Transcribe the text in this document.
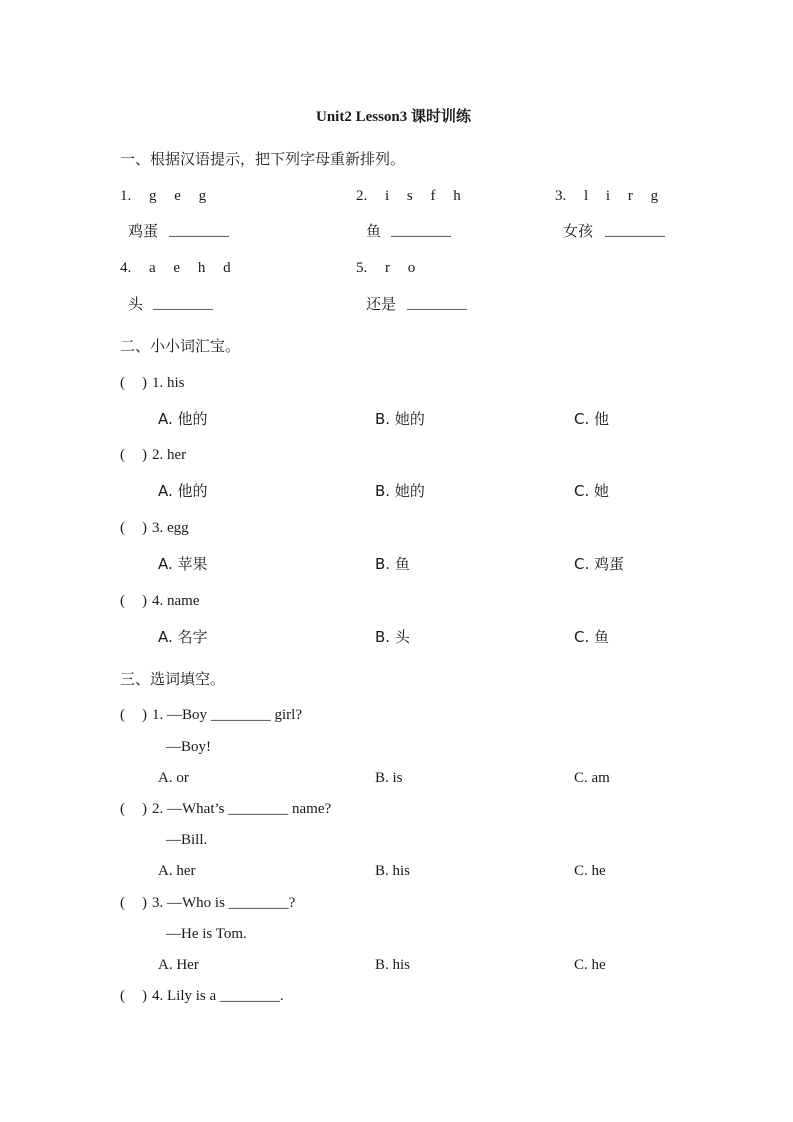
Unit2 Lesson3 课时训练
一、根据汉语提示，把下列字母重新排列。
1. g e g	2. i s f h	3. l i r g
鸡蛋 ________	鱼 ________	女孩 ________
4. a e h d	5. r o
头 ________	还是 ________
二、小小词汇宝。
( ) 1. his
A. 他的	B. 她的	C. 他
( ) 2. her
A. 他的	B. 她的	C. 她
( ) 3. egg
A. 苹果	B. 鱼	C. 鸡蛋
( ) 4. name
A. 名字	B. 头	C. 鱼
三、选词填空。
( ) 1. —Boy ________ girl?
—Boy!
A. or	B. is	C. am
( ) 2. —What’s ________ name?
—Bill.
A. her	B. his	C. he
( ) 3. —Who is ________?
—He is Tom.
A. Her	B. his	C. he
( ) 4. Lily is a ________.
